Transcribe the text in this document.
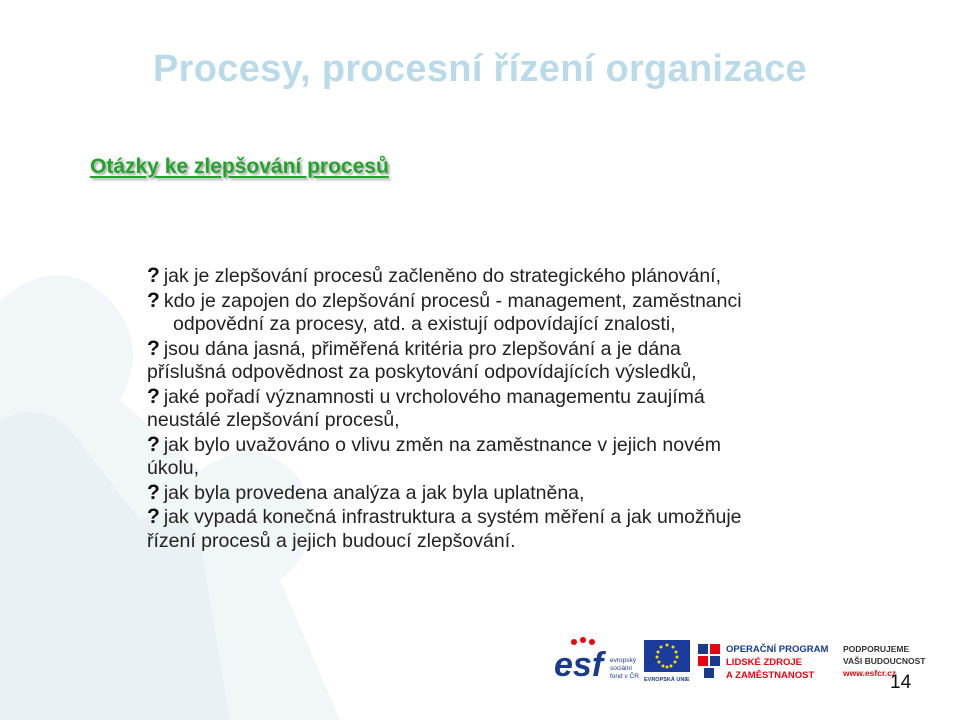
Procesy, procesní řízení organizace
Otázky ke zlepšování procesů
? jak je zlepšování procesů začleněno do strategického plánování,
? kdo je zapojen do zlepšování procesů - management, zaměstnanci
odpovědní za procesy, atd. a existují odpovídající znalosti,
? jsou dána jasná, přiměřená kritéria pro zlepšování a je dána
příslušná odpovědnost za poskytování odpovídajících výsledků,
? jaké pořadí významnosti u vrcholového managementu zaujímá
neustálé zlepšování procesů,
? jak bylo uvažováno o vlivu změn na zaměstnance v jejich novém
úkolu,
? jak byla provedena analýza a jak byla uplatněna,
? jak vypadá konečná infrastruktura a systém měření a jak umožňuje
řízení procesů a jejich budoucí zlepšování.
esf	evropský
sociální
fond v ČR EVROPSKÁ UNIE
OPERAČNÍ PROGRAM
LIDSKÉ ZDROJE
A ZAMĚSTNANOST
PODPORUJEME
VAŠI BUDOUCNOST
www.esfcr.cz
14
